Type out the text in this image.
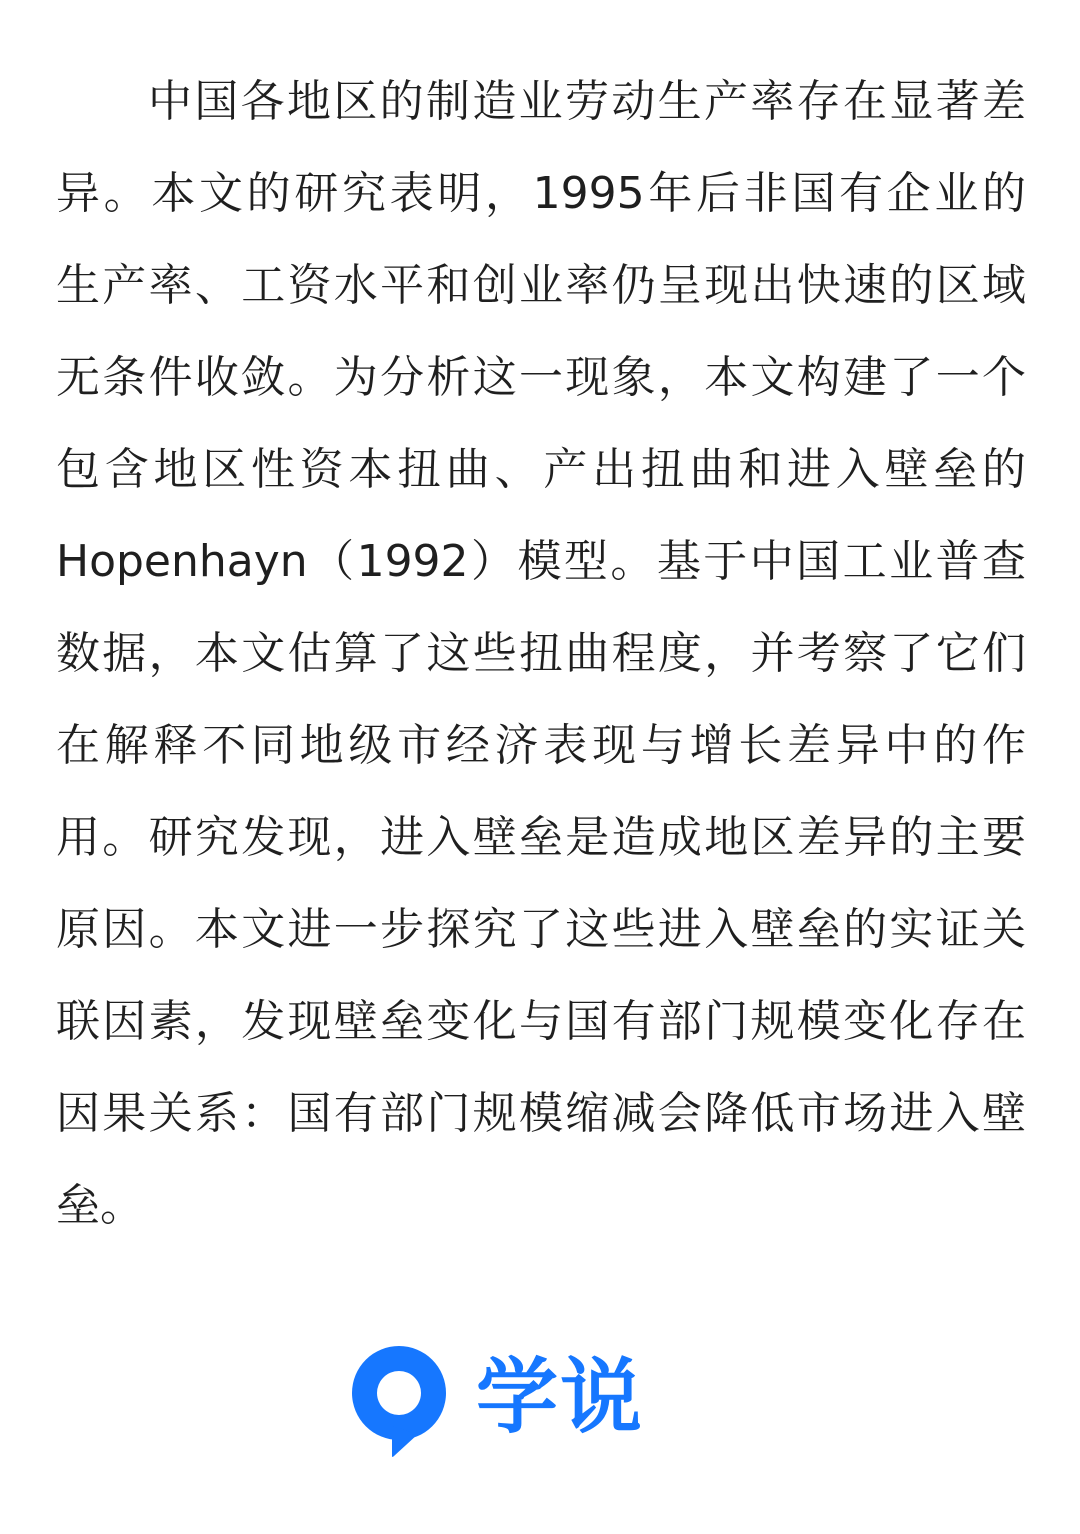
中国各地区的制造业劳动生产率存在显著差
异。本文的研究表明，1995年后非国有企业的
生产率、工资水平和创业率仍呈现出快速的区域
无条件收敛。为分析这一现象，本文构建了一个
包含地区性资本扭曲、产出扭曲和进入壁垒的
Hopenhayn（1992）模型。基于中国工业普查
数据，本文估算了这些扭曲程度，并考察了它们
在解释不同地级市经济表现与增长差异中的作
用。研究发现，进入壁垒是造成地区差异的主要
原因。本文进一步探究了这些进入壁垒的实证关
联因素，发现壁垒变化与国有部门规模变化存在
因果关系：国有部门规模缩减会降低市场进入壁
垒。
学说
